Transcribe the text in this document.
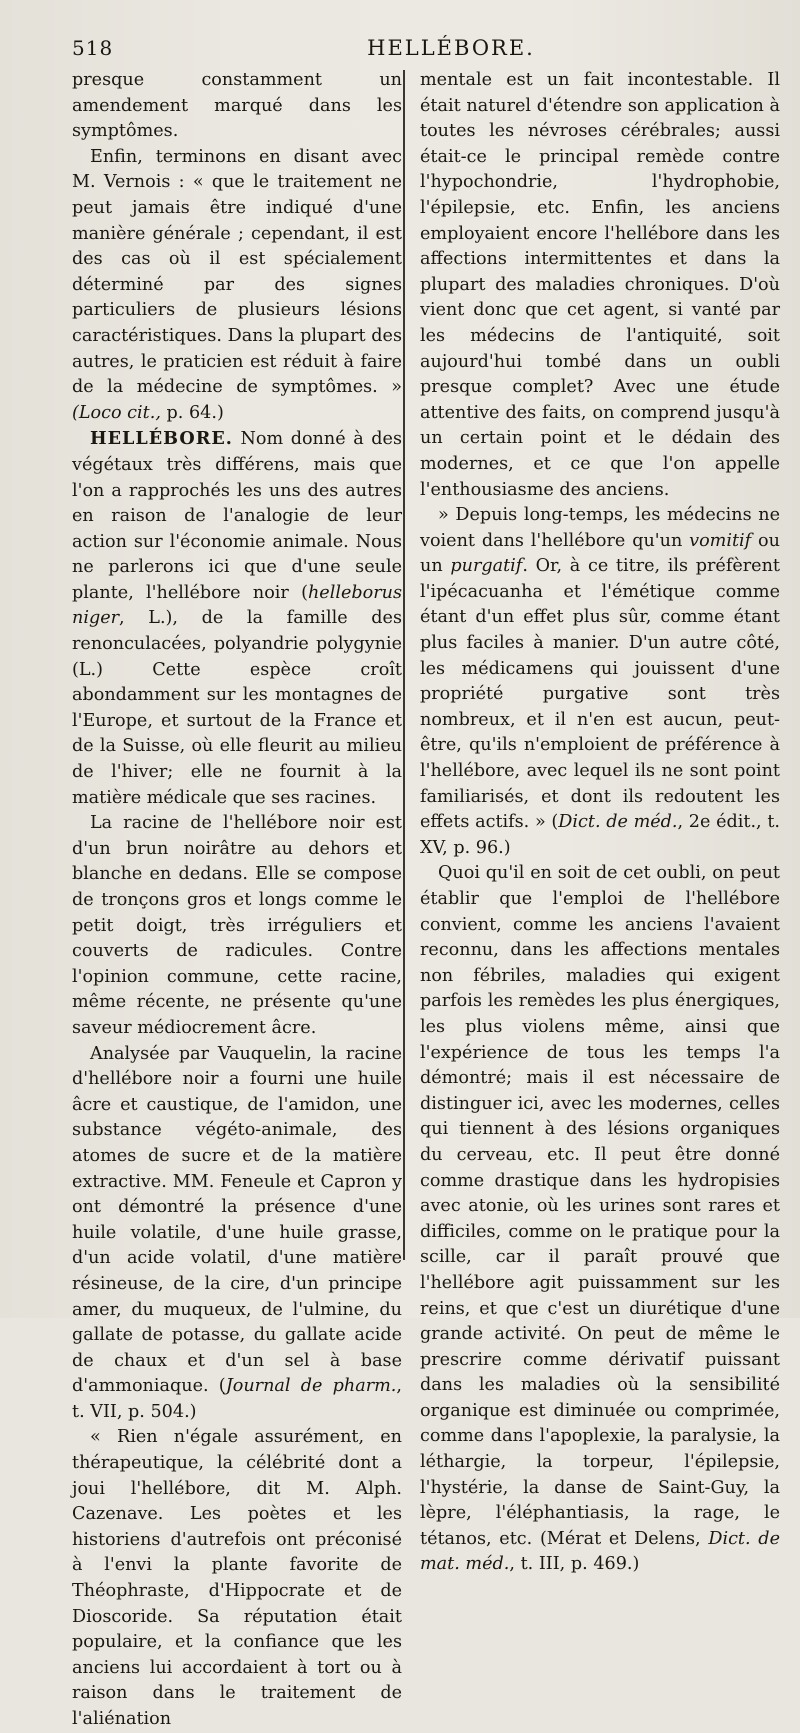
518	HELLÉBORE.

presque constamment un amendement marqué dans les symptômes.

Enfin, terminons en disant avec M. Vernois : « que le traitement ne peut jamais être indiqué d'une manière générale ; cependant, il est des cas où il est spécialement déterminé par des signes particuliers de plusieurs lésions caractéristiques. Dans la plupart des autres, le praticien est réduit à faire de la médecine de symptômes. » (Loco cit., p. 64.)

HELLÉBORE. Nom donné à des végétaux très différens, mais que l'on a rapprochés les uns des autres en raison de l'analogie de leur action sur l'économie animale. Nous ne parlerons ici que d'une seule plante, l'hellébore noir (helleborus niger, L.), de la famille des renonculacées, polyandrie polygynie (L.) Cette espèce croît abondamment sur les montagnes de l'Europe, et surtout de la France et de la Suisse, où elle fleurit au milieu de l'hiver; elle ne fournit à la matière médicale que ses racines.

La racine de l'hellébore noir est d'un brun noirâtre au dehors et blanche en dedans. Elle se compose de tronçons gros et longs comme le petit doigt, très irréguliers et couverts de radicules. Contre l'opinion commune, cette racine, même récente, ne présente qu'une saveur médiocrement âcre.

Analysée par Vauquelin, la racine d'hellébore noir a fourni une huile âcre et caustique, de l'amidon, une substance végéto-animale, des atomes de sucre et de la matière extractive. MM. Feneule et Capron y ont démontré la présence d'une huile volatile, d'une huile grasse, d'un acide volatil, d'une matière résineuse, de la cire, d'un principe amer, du muqueux, de l'ulmine, du gallate de potasse, du gallate acide de chaux et d'un sel à base d'ammoniaque. (Journal de pharm., t. VII, p. 504.)

« Rien n'égale assurément, en thérapeutique, la célébrité dont a joui l'hellébore, dit M. Alph. Cazenave. Les poètes et les historiens d'autrefois ont préconisé à l'envi la plante favorite de Théophraste, d'Hippocrate et de Dioscoride. Sa réputation était populaire, et la confiance que les anciens lui accordaient à tort ou à raison dans le traitement de l'aliénation

mentale est un fait incontestable. Il était naturel d'étendre son application à toutes les névroses cérébrales; aussi était-ce le principal remède contre l'hypochondrie, l'hydrophobie, l'épilepsie, etc. Enfin, les anciens employaient encore l'hellébore dans les affections intermittentes et dans la plupart des maladies chroniques. D'où vient donc que cet agent, si vanté par les médecins de l'antiquité, soit aujourd'hui tombé dans un oubli presque complet? Avec une étude attentive des faits, on comprend jusqu'à un certain point et le dédain des modernes, et ce que l'on appelle l'enthousiasme des anciens.

» Depuis long-temps, les médecins ne voient dans l'hellébore qu'un vomitif ou un purgatif. Or, à ce titre, ils préfèrent l'ipécacuanha et l'émétique comme étant d'un effet plus sûr, comme étant plus faciles à manier. D'un autre côté, les médicamens qui jouissent d'une propriété purgative sont très nombreux, et il n'en est aucun, peut-être, qu'ils n'emploient de préférence à l'hellébore, avec lequel ils ne sont point familiarisés, et dont ils redoutent les effets actifs. » (Dict. de méd., 2e édit., t. XV, p. 96.)

Quoi qu'il en soit de cet oubli, on peut établir que l'emploi de l'hellébore convient, comme les anciens l'avaient reconnu, dans les affections mentales non fébriles, maladies qui exigent parfois les remèdes les plus énergiques, les plus violens même, ainsi que l'expérience de tous les temps l'a démontré; mais il est nécessaire de distinguer ici, avec les modernes, celles qui tiennent à des lésions organiques du cerveau, etc. Il peut être donné comme drastique dans les hydropisies avec atonie, où les urines sont rares et difficiles, comme on le pratique pour la scille, car il paraît prouvé que l'hellébore agit puissamment sur les reins, et que c'est un diurétique d'une grande activité. On peut de même le prescrire comme dérivatif puissant dans les maladies où la sensibilité organique est diminuée ou comprimée, comme dans l'apoplexie, la paralysie, la léthargie, la torpeur, l'épilepsie, l'hystérie, la danse de Saint-Guy, la lèpre, l'éléphantiasis, la rage, le tétanos, etc. (Mérat et Delens, Dict. de mat. méd., t. III, p. 469.)
